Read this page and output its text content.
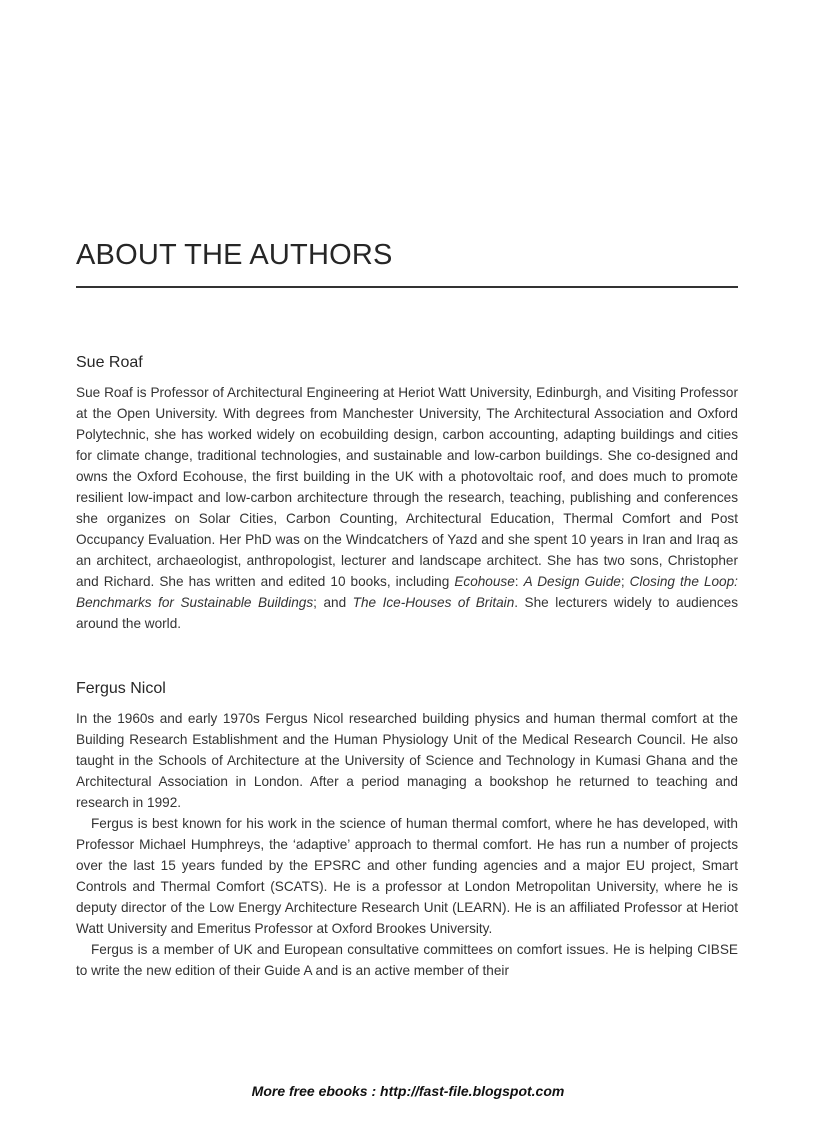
ABOUT THE AUTHORS
Sue Roaf

Sue Roaf is Professor of Architectural Engineering at Heriot Watt University, Edinburgh, and Visiting Professor at the Open University. With degrees from Manchester University, The Architectural Association and Oxford Polytechnic, she has worked widely on ecobuilding design, carbon accounting, adapting buildings and cities for climate change, traditional technologies, and sustainable and low-carbon buildings. She co-designed and owns the Oxford Ecohouse, the first building in the UK with a photovoltaic roof, and does much to promote resilient low-impact and low-carbon architecture through the research, teaching, publishing and conferences she organizes on Solar Cities, Carbon Counting, Architectural Education, Thermal Comfort and Post Occupancy Evaluation. Her PhD was on the Windcatchers of Yazd and she spent 10 years in Iran and Iraq as an architect, archaeologist, anthropologist, lecturer and landscape architect. She has two sons, Christopher and Richard. She has written and edited 10 books, including Ecohouse: A Design Guide; Closing the Loop: Benchmarks for Sustainable Buildings; and The Ice-Houses of Britain. She lecturers widely to audiences around the world.

Fergus Nicol

In the 1960s and early 1970s Fergus Nicol researched building physics and human thermal comfort at the Building Research Establishment and the Human Physiology Unit of the Medical Research Council. He also taught in the Schools of Architecture at the University of Science and Technology in Kumasi Ghana and the Architectural Association in London. After a period managing a bookshop he returned to teaching and research in 1992.

Fergus is best known for his work in the science of human thermal comfort, where he has developed, with Professor Michael Humphreys, the ‘adaptive’ approach to thermal comfort. He has run a number of projects over the last 15 years funded by the EPSRC and other funding agencies and a major EU project, Smart Controls and Thermal Comfort (SCATS). He is a professor at London Metropolitan University, where he is deputy director of the Low Energy Architecture Research Unit (LEARN). He is an affiliated Professor at Heriot Watt University and Emeritus Professor at Oxford Brookes University.

Fergus is a member of UK and European consultative committees on comfort issues. He is helping CIBSE to write the new edition of their Guide A and is an active member of their

More free ebooks : http://fast-file.blogspot.com
